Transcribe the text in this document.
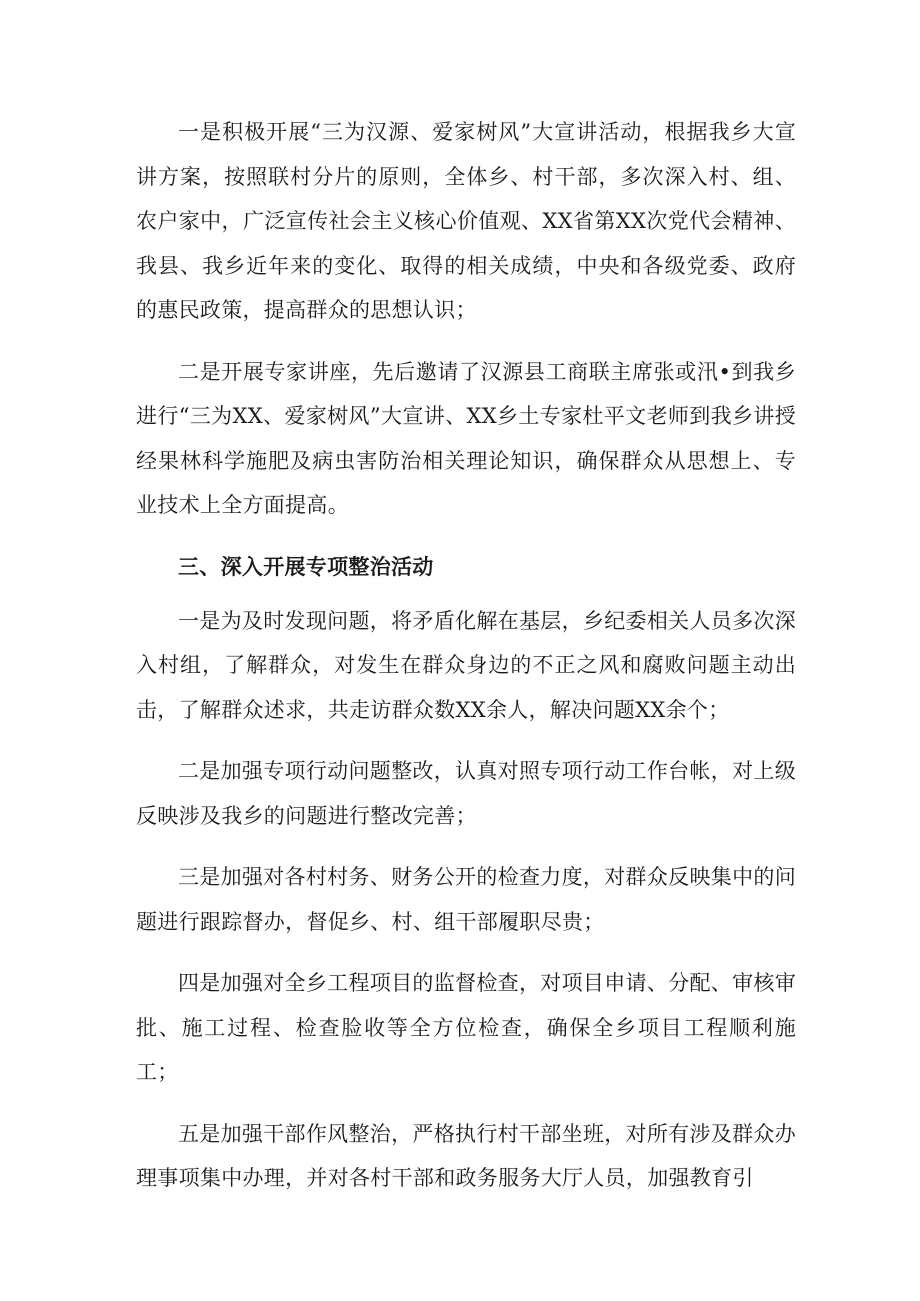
一是积极开展“三为汉源、爱家树风”大宣讲活动，根据我乡大宣讲方案，按照联村分片的原则，全体乡、村干部，多次深入村、组、农户家中，广泛宣传社会主义核心价值观、XX省第XX次党代会精神、我县、我乡近年来的变化、取得的相关成绩，中央和各级党委、政府的惠民政策，提高群众的思想认识；

二是开展专家讲座，先后邀请了汉源县工商联主席张或汛•到我乡进行“三为XX、爱家树风”大宣讲、XX乡土专家杜平文老师到我乡讲授经果林科学施肥及病虫害防治相关理论知识，确保群众从思想上、专业技术上全方面提高。

三、深入开展专项整治活动

一是为及时发现问题，将矛盾化解在基层，乡纪委相关人员多次深入村组，了解群众，对发生在群众身边的不正之风和腐败问题主动出击，了解群众述求，共走访群众数XX余人，解决问题XX余个；

二是加强专项行动问题整改，认真对照专项行动工作台帐，对上级反映涉及我乡的问题进行整改完善；

三是加强对各村村务、财务公开的检查力度，对群众反映集中的问题进行跟踪督办，督促乡、村、组干部履职尽贵；

四是加强对全乡工程项目的监督检查，对项目申请、分配、审核审批、施工过程、检查脸收等全方位检查，确保全乡项目工程顺利施工；

五是加强干部作风整治，严格执行村干部坐班，对所有涉及群众办理事项集中办理，并对各村干部和政务服务大厅人员，加强教育引
